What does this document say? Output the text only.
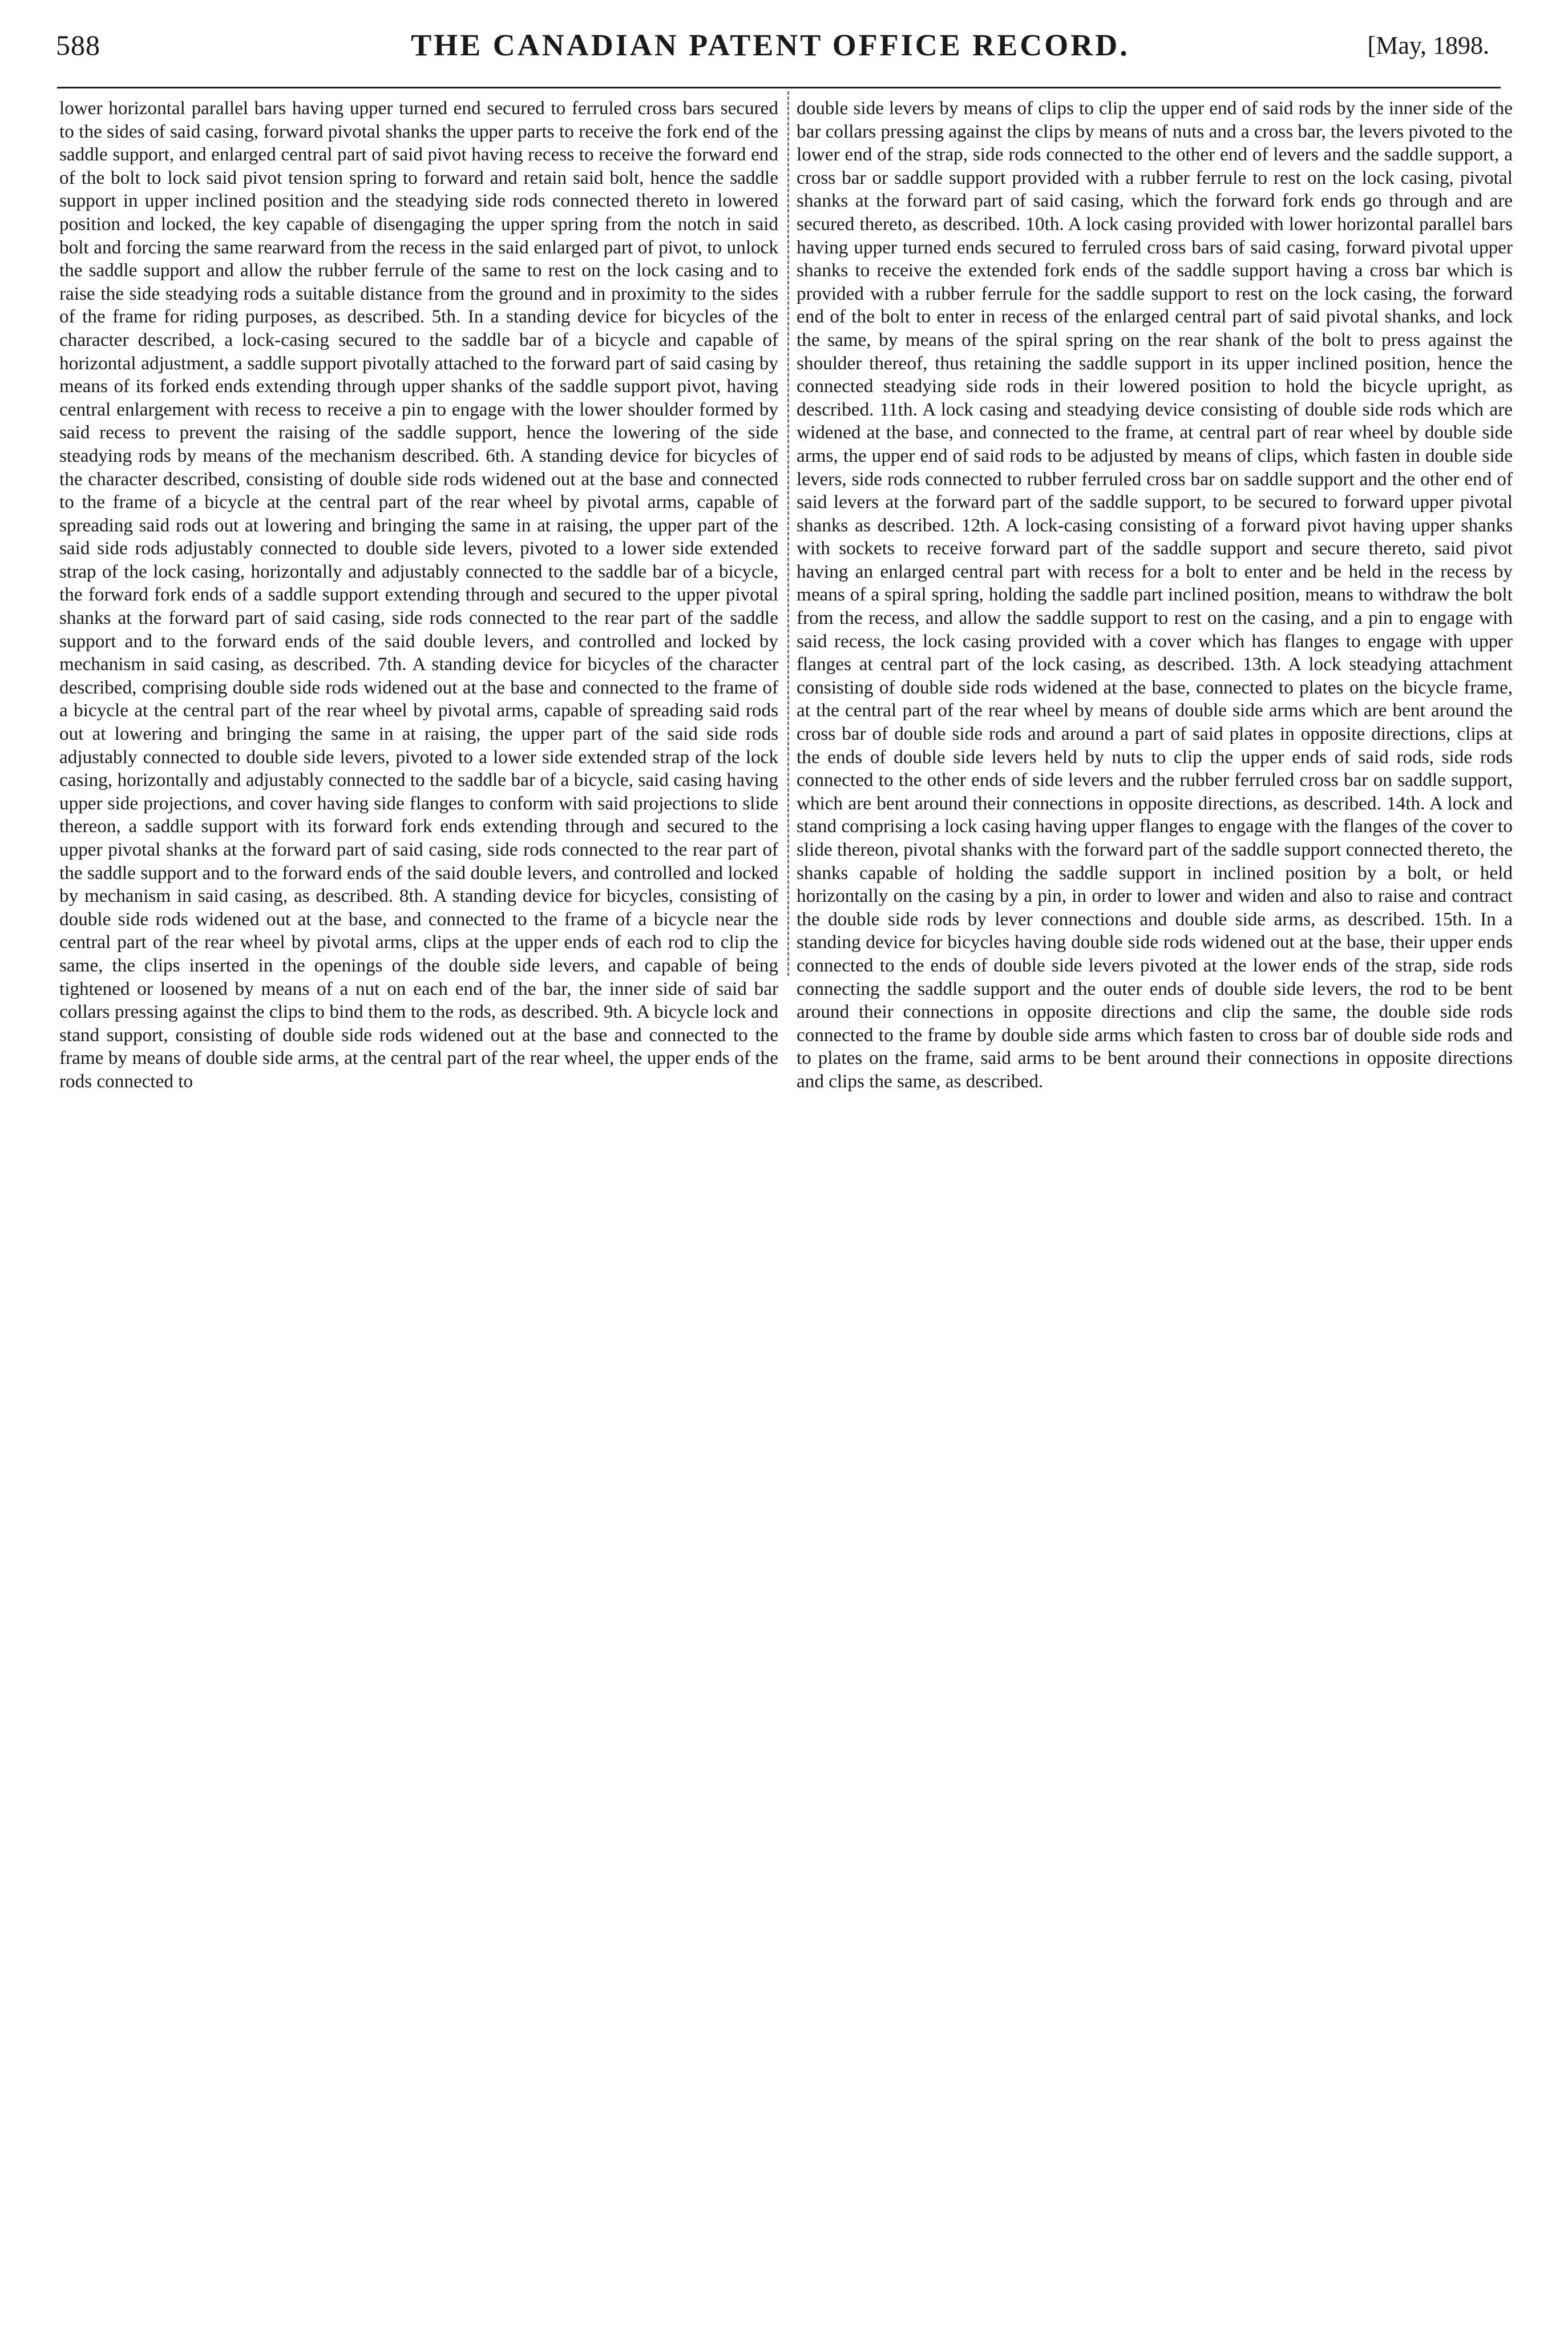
588	THE CANADIAN PATENT OFFICE RECORD.	[May, 1898.
lower horizontal parallel bars having upper turned end secured to ferruled cross bars secured to the sides of said casing, forward pivotal shanks the upper parts to receive the fork end of the saddle support, and enlarged central part of said pivot having recess to receive the forward end of the bolt to lock said pivot tension spring to forward and retain said bolt, hence the saddle support in upper inclined position and the steadying side rods connected thereto in lowered position and locked, the key capable of disengaging the upper spring from the notch in said bolt and forcing the same rearward from the recess in the said enlarged part of pivot, to unlock the saddle support and allow the rubber ferrule of the same to rest on the lock casing and to raise the side steadying rods a suitable distance from the ground and in proximity to the sides of the frame for riding purposes, as described. 5th. In a standing device for bicycles of the character described, a lock-casing secured to the saddle bar of a bicycle and capable of horizontal adjustment, a saddle support pivotally attached to the forward part of said casing by means of its forked ends extending through upper shanks of the saddle support pivot, having central enlargement with recess to receive a pin to engage with the lower shoulder formed by said recess to prevent the raising of the saddle support, hence the lowering of the side steadying rods by means of the mechanism described. 6th. A standing device for bicycles of the character described, consisting of double side rods widened out at the base and connected to the frame of a bicycle at the central part of the rear wheel by pivotal arms, capable of spreading said rods out at lowering and bringing the same in at raising, the upper part of the said side rods adjustably connected to double side levers, pivoted to a lower side extended strap of the lock casing, horizontally and adjustably connected to the saddle bar of a bicycle, the forward fork ends of a saddle support extending through and secured to the upper pivotal shanks at the forward part of said casing, side rods connected to the rear part of the saddle support and to the forward ends of the said double levers, and controlled and locked by mechanism in said casing, as described. 7th. A standing device for bicycles of the character described, comprising double side rods widened out at the base and connected to the frame of a bicycle at the central part of the rear wheel by pivotal arms, capable of spreading said rods out at lowering and bringing the same in at raising, the upper part of the said side rods adjustably connected to double side levers, pivoted to a lower side extended strap of the lock casing, horizontally and adjustably connected to the saddle bar of a bicycle, said casing having upper side projections, and cover having side flanges to conform with said projections to slide thereon, a saddle support with its forward fork ends extending through and secured to the upper pivotal shanks at the forward part of said casing, side rods connected to the rear part of the saddle support and to the forward ends of the said double levers, and controlled and locked by mechanism in said casing, as described. 8th. A standing device for bicycles, consisting of double side rods widened out at the base, and connected to the frame of a bicycle near the central part of the rear wheel by pivotal arms, clips at the upper ends of each rod to clip the same, the clips inserted in the openings of the double side levers, and capable of being tightened or loosened by means of a nut on each end of the bar, the inner side of said bar collars pressing against the clips to bind them to the rods, as described. 9th. A bicycle lock and stand support, consisting of double side rods widened out at the base and connected to the frame by means of double side arms, at the central part of the rear wheel, the upper ends of the rods connected to
double side levers by means of clips to clip the upper end of said rods by the inner side of the bar collars pressing against the clips by means of nuts and a cross bar, the levers pivoted to the lower end of the strap, side rods connected to the other end of levers and the saddle support, a cross bar or saddle support provided with a rubber ferrule to rest on the lock casing, pivotal shanks at the forward part of said casing, which the forward fork ends go through and are secured thereto, as described. 10th. A lock casing provided with lower horizontal parallel bars having upper turned ends secured to ferruled cross bars of said casing, forward pivotal upper shanks to receive the extended fork ends of the saddle support having a cross bar which is provided with a rubber ferrule for the saddle support to rest on the lock casing, the forward end of the bolt to enter in recess of the enlarged central part of said pivotal shanks, and lock the same, by means of the spiral spring on the rear shank of the bolt to press against the shoulder thereof, thus retaining the saddle support in its upper inclined position, hence the connected steadying side rods in their lowered position to hold the bicycle upright, as described. 11th. A lock casing and steadying device consisting of double side rods which are widened at the base, and connected to the frame, at central part of rear wheel by double side arms, the upper end of said rods to be adjusted by means of clips, which fasten in double side levers, side rods connected to rubber ferruled cross bar on saddle support and the other end of said levers at the forward part of the saddle support, to be secured to forward upper pivotal shanks as described. 12th. A lock-casing consisting of a forward pivot having upper shanks with sockets to receive forward part of the saddle support and secure thereto, said pivot having an enlarged central part with recess for a bolt to enter and be held in the recess by means of a spiral spring, holding the saddle part inclined position, means to withdraw the bolt from the recess, and allow the saddle support to rest on the casing, and a pin to engage with said recess, the lock casing provided with a cover which has flanges to engage with upper flanges at central part of the lock casing, as described. 13th. A lock steadying attachment consisting of double side rods widened at the base, connected to plates on the bicycle frame, at the central part of the rear wheel by means of double side arms which are bent around the cross bar of double side rods and around a part of said plates in opposite directions, clips at the ends of double side levers held by nuts to clip the upper ends of said rods, side rods connected to the other ends of side levers and the rubber ferruled cross bar on saddle support, which are bent around their connections in opposite directions, as described. 14th. A lock and stand comprising a lock casing having upper flanges to engage with the flanges of the cover to slide thereon, pivotal shanks with the forward part of the saddle support connected thereto, the shanks capable of holding the saddle support in inclined position by a bolt, or held horizontally on the casing by a pin, in order to lower and widen and also to raise and contract the double side rods by lever connections and double side arms, as described. 15th. In a standing device for bicycles having double side rods widened out at the base, their upper ends connected to the ends of double side levers pivoted at the lower ends of the strap, side rods connecting the saddle support and the outer ends of double side levers, the rod to be bent around their connections in opposite directions and clip the same, the double side rods connected to the frame by double side arms which fasten to cross bar of double side rods and to plates on the frame, said arms to be bent around their connections in opposite directions and clips the same, as described.
